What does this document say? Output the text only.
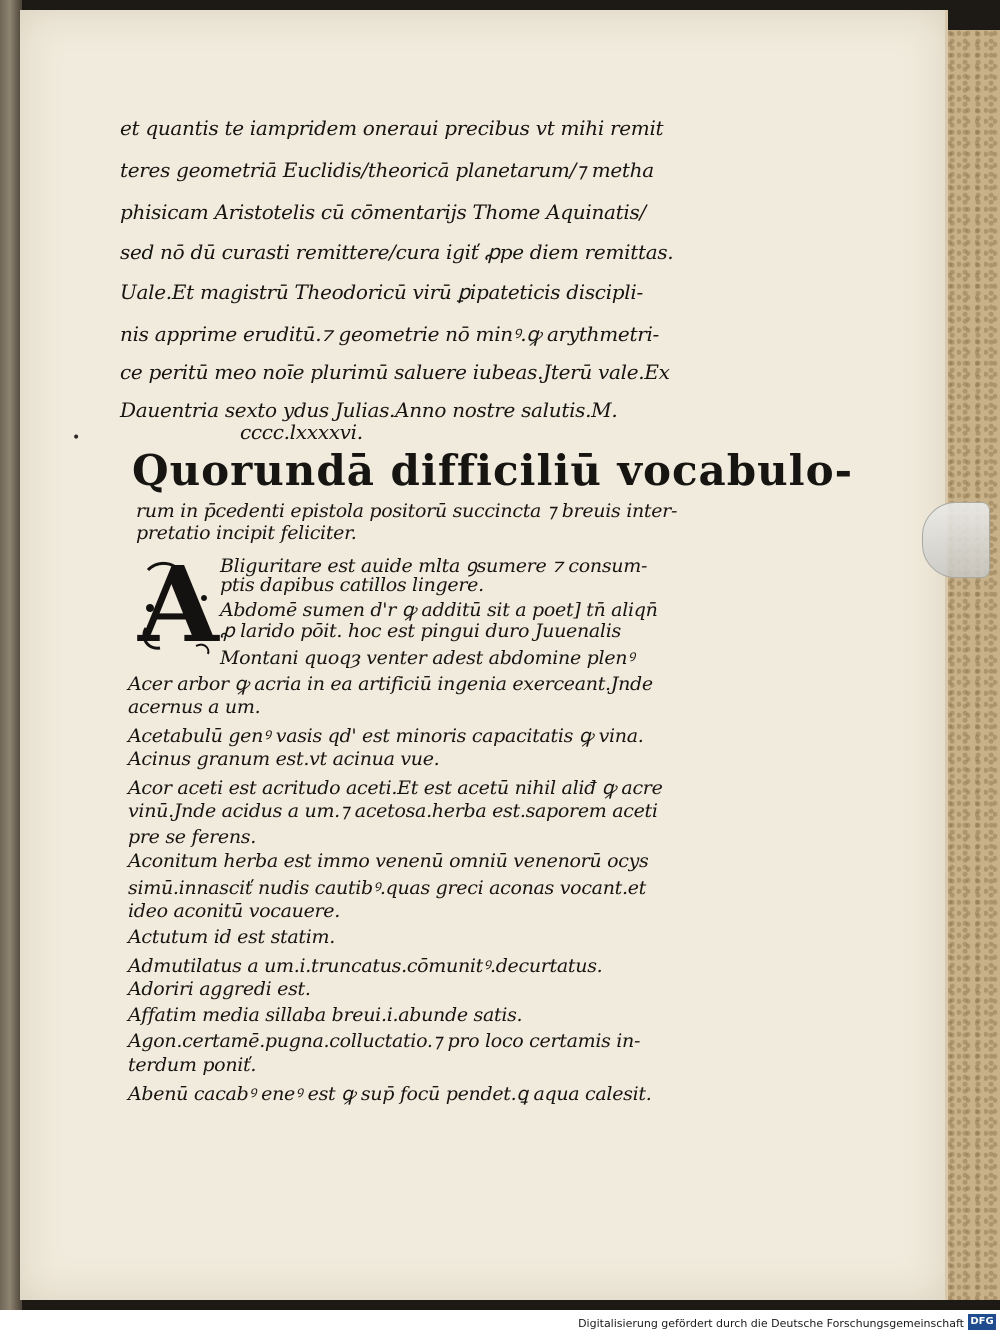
•
et quantis te iampridem oneraui precibus vt mihi remit
teres geometriā Euclidis/theoricā planetarum/⁊ metha
phisicam Aristotelis cū cōmentarijs Thome Aquinatis/
sed nō dū curasti remittere/cura igiť ꝓpe diem remittas.
Uale.Et magistrū Theodoricū virū ꝑipateticis discipli-
nis apprime eruditū.⁊ geometrie nō minꝰ.ꝙ arythmetri-
ce peritū meo noīe plurimū saluere iubeas.Jterū vale.Ex
Dauentria sexto ydus Julias.Anno nostre salutis.M.
cccc.lxxxxvi.
Quorundā difficiliū vocabulo-
rum in p̄cedenti epistola positorū succincta ⁊ breuis inter-
pretatio incipit feliciter.
Bliguritare est auide mlta ꝯsumere ⁊ consum-
ptis dapibus catillos lingere.
Abdomē sumen d'r ꝙ additū sit a poet] tn̄ aliqn̄
ꝓ larido pōit. hoc est pingui duro Juuenalis
Montani quoqȝ venter adest abdomine plenꝰ
Acer arbor ꝙ acria in ea artificiū ingenia exerceant.Jnde
acernus a um.
Acetabulū genꝰ vasis qd' est minoris capacitatis ꝙ vina.
Acinus granum est.vt acinua vue.
Acor aceti est acritudo aceti.Et est acetū nihil aliđ ꝙ acre
vinū.Jnde acidus a um.⁊ acetosa.herba est.saporem aceti
pre se ferens.
Aconitum herba est immo venenū omniū venenorū ocys
simū.innasciť nudis cautibꝰ.quas greci aconas vocant.et
ideo aconitū vocauere.
Actutum id est statim.
Admutilatus a um.i.truncatus.cōmunitꝰ.decurtatus.
Adoriri aggredi est.
Affatim media sillaba breui.i.abunde satis.
Agon.certamē.pugna.colluctatio.⁊ pro loco certamis in-
terdum poniť.
Abenū cacabꝰ eneꝰ est ꝙ sup̄ focū pendet.ꝗ aqua calesit.
A
Digitalisierung gefördert durch die Deutsche Forschungsgemeinschaft DFG
